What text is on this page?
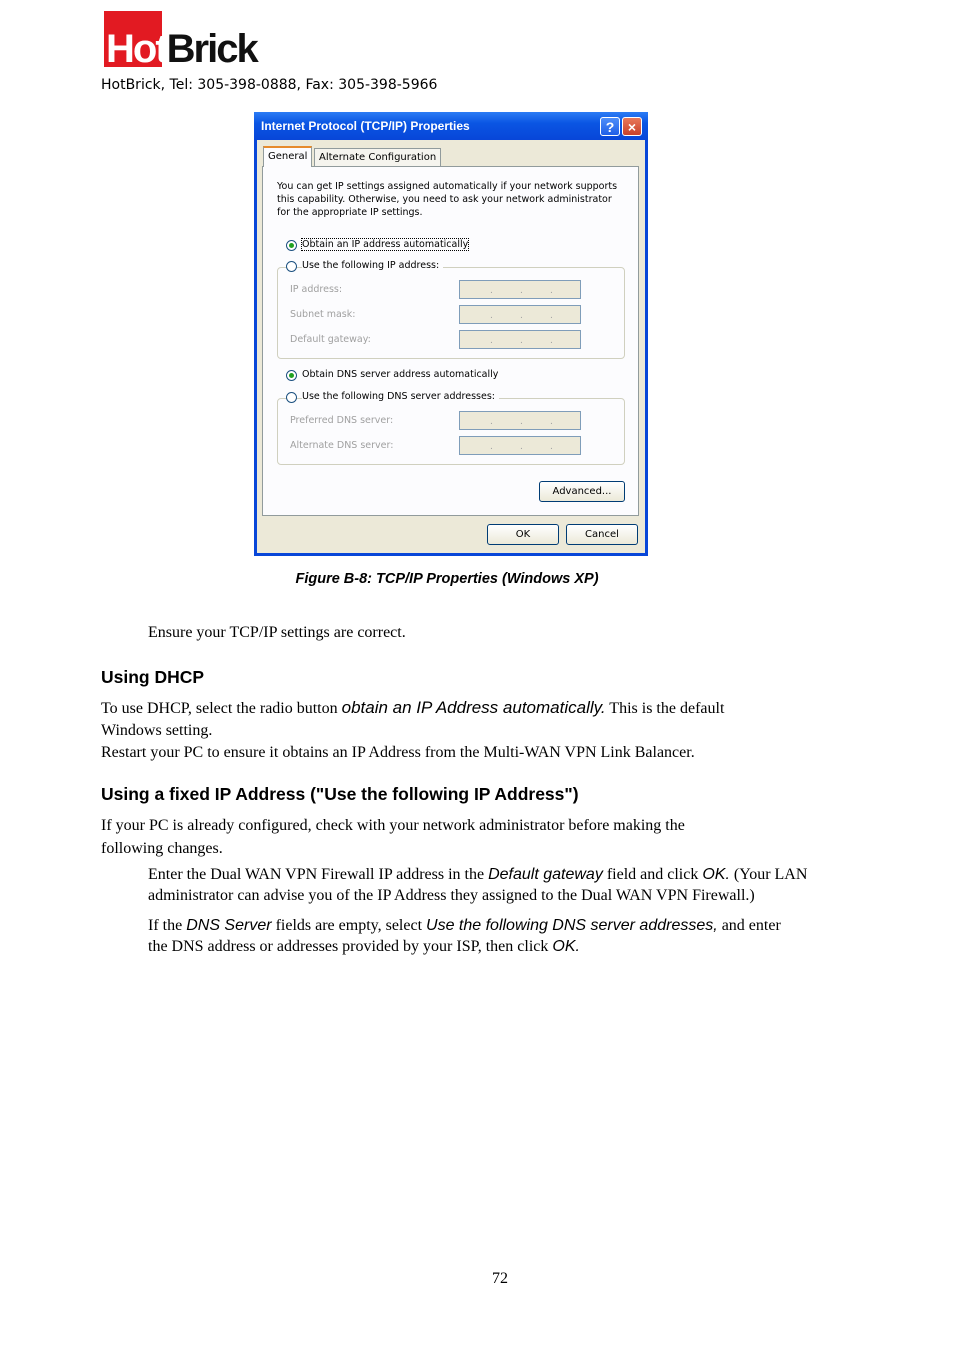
HotBrick
HotBrick, Tel: 305-398-0888, Fax: 305-398-5966
Internet Protocol (TCP/IP) Properties	? ×
General	Alternate Configuration
You can get IP settings assigned automatically if your network supports this capability. Otherwise, you need to ask your network administrator for the appropriate IP settings.
Obtain an IP address automatically
Use the following IP address:
IP address:
.
.
.
Subnet mask:
.
.
.
Default gateway:
.
.
.
Obtain DNS server address automatically
Use the following DNS server addresses:
Preferred DNS server:
.
.
.
Alternate DNS server:
.
.
.
Advanced...
OK	Cancel
Figure B-8: TCP/IP Properties (Windows XP)
Ensure your TCP/IP settings are correct.
Using DHCP
To use DHCP, select the radio button obtain an IP Address automatically. This is the default
Windows setting.
Restart your PC to ensure it obtains an IP Address from the Multi-WAN VPN Link Balancer.
Using a fixed IP Address ("Use the following IP Address")
If your PC is already configured, check with your network administrator before making the
following changes.
Enter the Dual WAN VPN Firewall IP address in the Default gateway field and click OK. (Your LAN
administrator can advise you of the IP Address they assigned to the Dual WAN VPN Firewall.)
If the DNS Server fields are empty, select Use the following DNS server addresses, and enter
the DNS address or addresses provided by your ISP, then click OK.
72
